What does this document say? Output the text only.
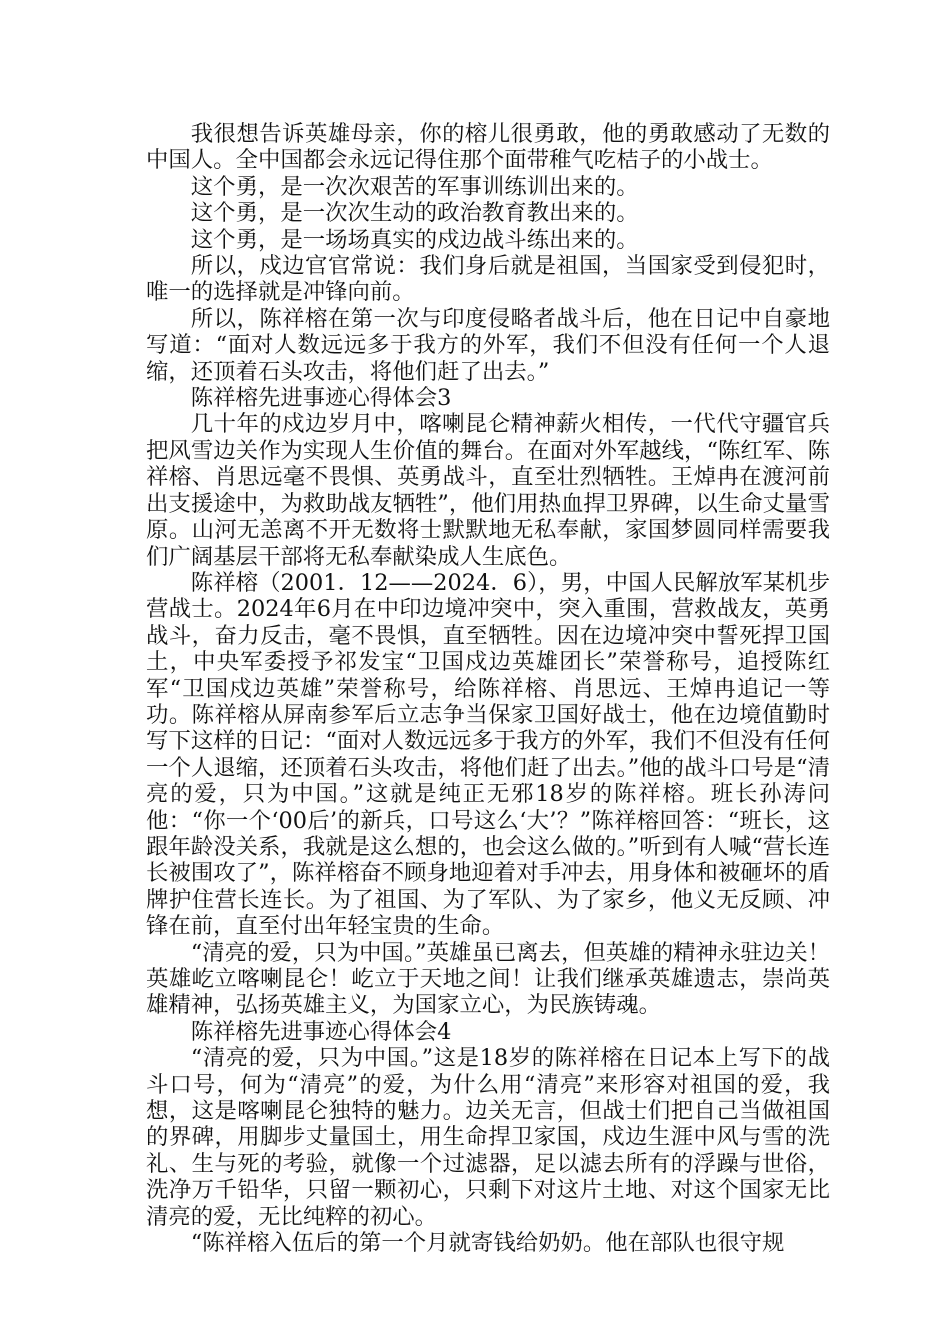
我很想告诉英雄母亲，你的榕儿很勇敢，他的勇敢感动了无数的中国人。全中国都会永远记得住那个面带稚气吃桔子的小战士。

这个勇，是一次次艰苦的军事训练训出来的。

这个勇，是一次次生动的政治教育教出来的。

这个勇，是一场场真实的戍边战斗练出来的。

所以，戍边官官常说：我们身后就是祖国，当国家受到侵犯时，唯一的选择就是冲锋向前。

所以，陈祥榕在第一次与印度侵略者战斗后，他在日记中自豪地写道：“面对人数远远多于我方的外军，我们不但没有任何一个人退缩，还顶着石头攻击，将他们赶了出去。”

陈祥榕先进事迹心得体会3

几十年的戍边岁月中，喀喇昆仑精神薪火相传，一代代守疆官兵把风雪边关作为实现人生价值的舞台。在面对外军越线，“陈红军、陈祥榕、肖思远毫不畏惧、英勇战斗，直至壮烈牺牲。王焯冉在渡河前出支援途中，为救助战友牺牲”，他们用热血捍卫界碑，以生命丈量雪原。山河无恙离不开无数将士默默地无私奉献，家国梦圆同样需要我们广阔基层干部将无私奉献染成人生底色。

陈祥榕（2001．12——2024．6），男，中国人民解放军某机步营战士。2024年6月在中印边境冲突中，突入重围，营救战友，英勇战斗，奋力反击，毫不畏惧，直至牺牲。因在边境冲突中誓死捍卫国土，中央军委授予祁发宝“卫国戍边英雄团长”荣誉称号，追授陈红军“卫国戍边英雄”荣誉称号，给陈祥榕、肖思远、王焯冉追记一等功。陈祥榕从屏南参军后立志争当保家卫国好战士，他在边境值勤时写下这样的日记：“面对人数远远多于我方的外军，我们不但没有任何一个人退缩，还顶着石头攻击，将他们赶了出去。”他的战斗口号是“清亮的爱，只为中国。”这就是纯正无邪18岁的陈祥榕。班长孙涛问他：“你一个‘00后’的新兵，口号这么‘大’？”陈祥榕回答：“班长，这跟年龄没关系，我就是这么想的，也会这么做的。”听到有人喊“营长连长被围攻了”，陈祥榕奋不顾身地迎着对手冲去，用身体和被砸坏的盾牌护住营长连长。为了祖国、为了军队、为了家乡，他义无反顾、冲锋在前，直至付出年轻宝贵的生命。

“清亮的爱，只为中国。”英雄虽已离去，但英雄的精神永驻边关！英雄屹立喀喇昆仑！屹立于天地之间！让我们继承英雄遗志，崇尚英雄精神，弘扬英雄主义，为国家立心，为民族铸魂。

陈祥榕先进事迹心得体会4

“清亮的爱，只为中国。”这是18岁的陈祥榕在日记本上写下的战斗口号，何为“清亮”的爱，为什么用“清亮”来形容对祖国的爱，我想，这是喀喇昆仑独特的魅力。边关无言，但战士们把自己当做祖国的界碑，用脚步丈量国土，用生命捍卫家国，戍边生涯中风与雪的洗礼、生与死的考验，就像一个过滤器，足以滤去所有的浮躁与世俗，洗净万千铅华，只留一颗初心，只剩下对这片土地、对这个国家无比清亮的爱，无比纯粹的初心。

“陈祥榕入伍后的第一个月就寄钱给奶奶。他在部队也很守规
